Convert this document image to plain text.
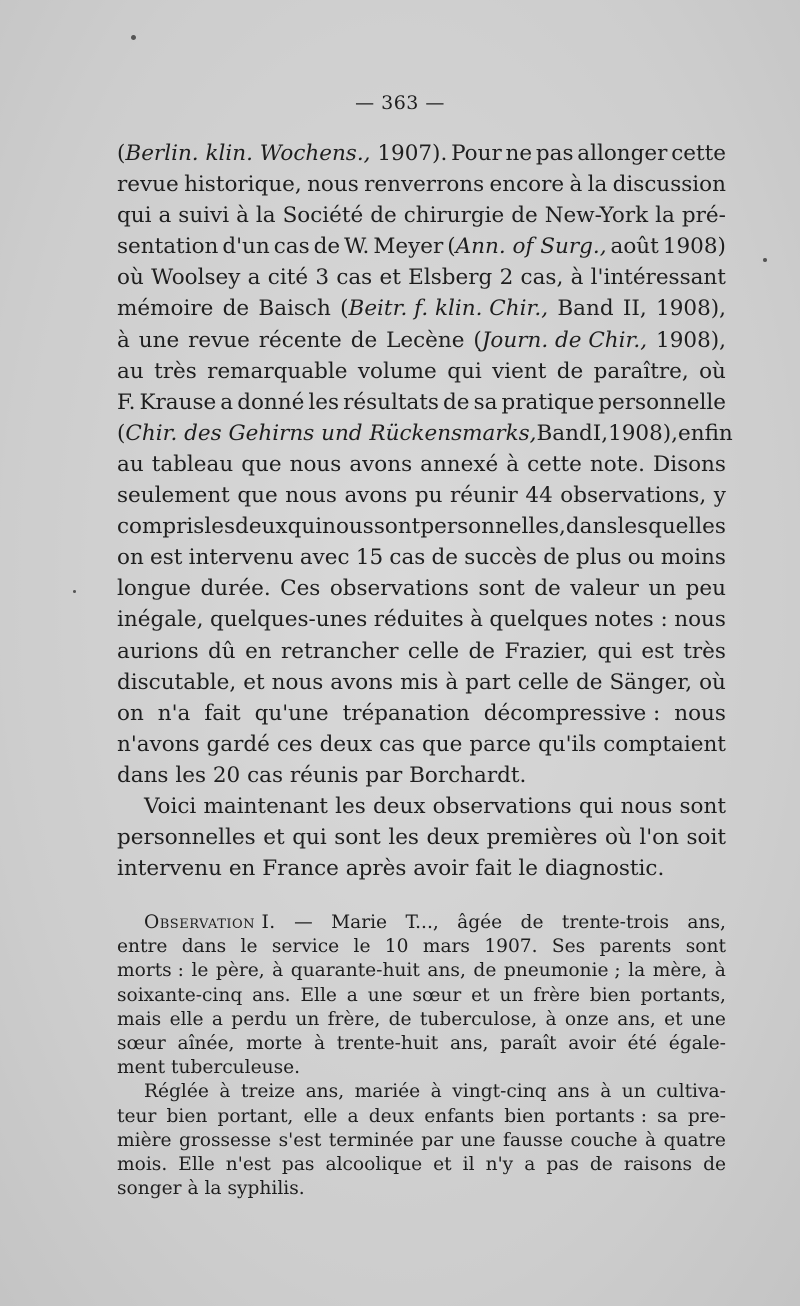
— 363 —
(Berlin. klin. Wochens., 1907). Pour ne pas allonger cette
revue historique, nous renverrons encore à la discussion
qui a suivi à la Société de chirurgie de New-York la pré-
sentation d'un cas de W. Meyer (Ann. of Surg., août 1908)
où Woolsey a cité 3 cas et Elsberg 2 cas, à l'intéressant
mémoire de Baisch (Beitr. f. klin. Chir., Band II, 1908),
à une revue récente de Lecène (Journ. de Chir., 1908),
au très remarquable volume qui vient de paraître, où
F. Krause a donné les résultats de sa pratique personnelle
(Chir. des Gehirns und Rückensmarks, Band I, 1908), enfin
au tableau que nous avons annexé à cette note. Disons
seulement que nous avons pu réunir 44 observations, y
compris les deux qui nous sont personnelles, dans lesquelles
on est intervenu avec 15 cas de succès de plus ou moins
longue durée. Ces observations sont de valeur un peu
inégale, quelques-unes réduites à quelques notes : nous
aurions dû en retrancher celle de Frazier, qui est très
discutable, et nous avons mis à part celle de Sänger, où
on n'a fait qu'une trépanation décompressive : nous
n'avons gardé ces deux cas que parce qu'ils comptaient
dans les 20 cas réunis par Borchardt.
Voici maintenant les deux observations qui nous sont
personnelles et qui sont les deux premières où l'on soit
intervenu en France après avoir fait le diagnostic.
Observation I. — Marie T..., âgée de trente-trois ans,
entre dans le service le 10 mars 1907. Ses parents sont
morts : le père, à quarante-huit ans, de pneumonie ; la mère, à
soixante-cinq ans. Elle a une sœur et un frère bien portants,
mais elle a perdu un frère, de tuberculose, à onze ans, et une
sœur aînée, morte à trente-huit ans, paraît avoir été égale-
ment tuberculeuse.
Réglée à treize ans, mariée à vingt-cinq ans à un cultiva-
teur bien portant, elle a deux enfants bien portants : sa pre-
mière grossesse s'est terminée par une fausse couche à quatre
mois. Elle n'est pas alcoolique et il n'y a pas de raisons de
songer à la syphilis.
